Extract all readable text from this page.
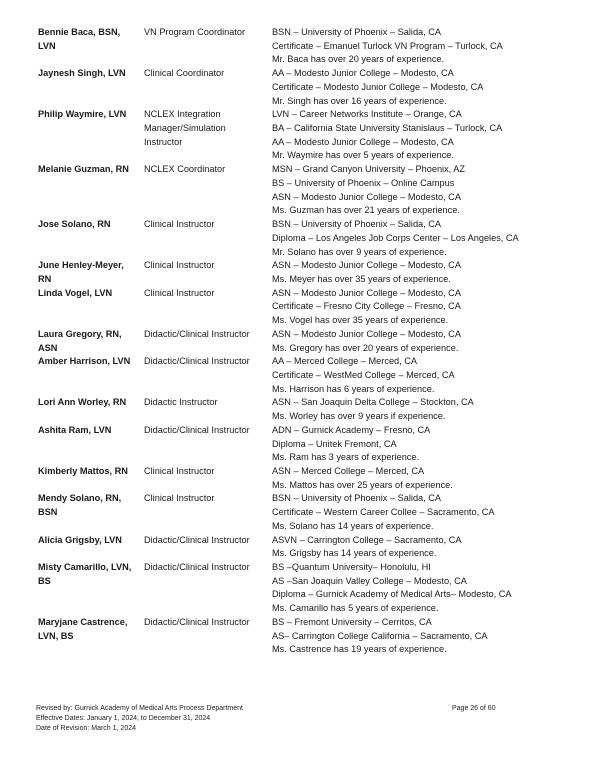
Bennie Baca, BSN,
LVN
VN Program Coordinator	BSN – University of Phoenix – Salida, CA
Certificate – Emanuel Turlock VN Program – Turlock, CA
Mr. Baca has over 20 years of experience.
Jaynesh Singh, LVN	Clinical Coordinator	AA – Modesto Junior College – Modesto, CA
Certificate – Modesto Junior College – Modesto, CA
Mr. Singh has over 16 years of experience.
Philip Waymire, LVN	NCLEX Integration
Manager/Simulation
Instructor
LVN – Career Networks Institute – Orange, CA
BA – California State University Stanislaus – Turlock, CA
AA – Modesto Junior College – Modesto, CA
Mr. Waymire has over 5 years of experience.
Melanie Guzman, RN	NCLEX Coordinator	MSN – Grand Canyon University – Phoenix, AZ
BS – University of Phoenix – Online Campus
ASN – Modesto Junior College – Modesto, CA
Ms. Guzman has over 21 years of experience.
Jose Solano, RN	Clinical Instructor	BSN – University of Phoenix – Salida, CA
Diploma – Los Angeles Job Corps Center – Los Angeles, CA
Mr. Solano has over 9 years of experience.
June Henley-Meyer,
RN
Clinical Instructor	ASN – Modesto Junior College – Modesto, CA
Ms. Meyer has over 35 years of experience.
Linda Vogel, LVN	Clinical Instructor	ASN – Modesto Junior College – Modesto, CA
Certificate – Fresno City College – Fresno, CA
Ms. Vogel has over 35 years of experience.
Laura Gregory, RN,
ASN
Didactic/Clinical Instructor	ASN – Modesto Junior College – Modesto, CA
Ms. Gregory has over 20 years of experience.
Amber Harrison, LVN	Didactic/Clinical Instructor	AA – Merced College – Merced, CA
Certificate – WestMed College – Merced, CA
Ms. Harrison has 6 years of experience.
Lori Ann Worley, RN	Didactic Instructor	ASN – San Joaquin Delta College – Stockton, CA
Ms. Worley has over 9 years if experience.
Ashita Ram, LVN	Didactic/Clinical Instructor	ADN – Gurnick Academy – Fresno, CA
Diploma – Unitek Fremont, CA
Ms. Ram has 3 years of experience.
Kimberly Mattos, RN	Clinical Instructor	ASN – Merced College – Merced, CA
Ms. Mattos has over 25 years of experience.
Mendy Solano, RN,
BSN
Clinical Instructor	BSN – University of Phoenix – Salida, CA
Certificate – Western Career Collee – Sacramento, CA
Ms. Solano has 14 years of experience.
Alicia Grigsby, LVN	Didactic/Clinical Instructor	ASVN – Carrington College – Sacramento, CA
Ms. Grigsby has 14 years of experience.
Misty Camarillo, LVN,
BS
Didactic/Clinical Instructor	BS –Quantum University– Honolulu, HI
AS –San Joaquin Valley College – Modesto, CA
Diploma – Gurnick Academy of Medical Arts– Modesto, CA
Ms. Camarillo has 5 years of experience.
Maryjane Castrence,
LVN, BS
Didactic/Clinical Instructor	BS – Fremont University – Cerritos, CA
AS– Carrington College California – Sacramento, CA
Ms. Castrence has 19 years of experience.
Revised by: Gurnick Academy of Medical Arts Process Department
Effective Dates: January 1, 2024, to December 31, 2024
Date of Revision: March 1, 2024
Page 26 of 60
